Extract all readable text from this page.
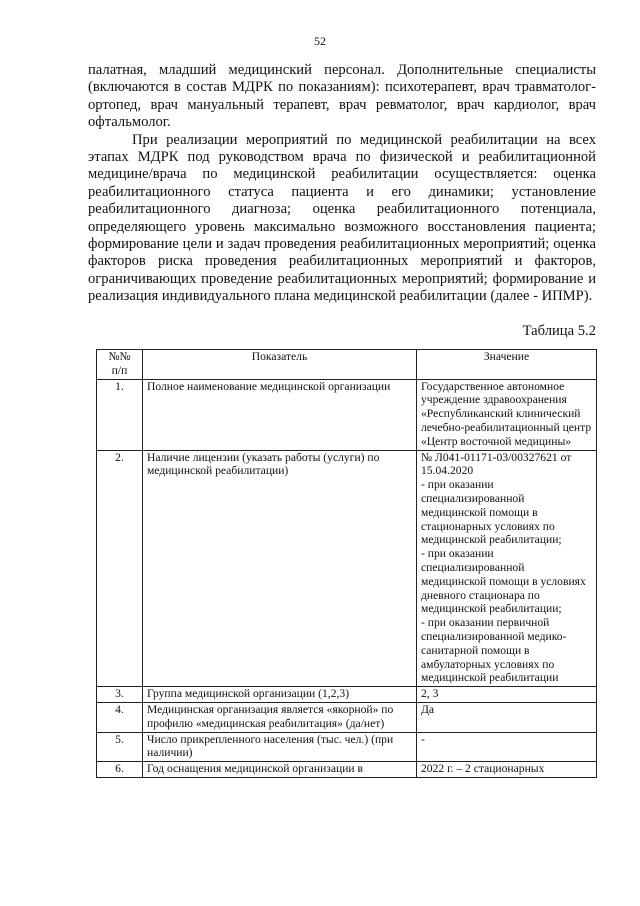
52

палатная, младший медицинский персонал. Дополнительные специалисты (включаются в состав МДРК по показаниям): психотерапевт, врач травматолог-ортопед, врач мануальный терапевт, врач ревматолог, врач кардиолог, врач офтальмолог.

При реализации мероприятий по медицинской реабилитации на всех этапах МДРК под руководством врача по физической и реабилитационной медицине/врача по медицинской реабилитации осуществляется: оценка реабилитационного статуса пациента и его динамики; установление реабилитационного диагноза; оценка реабилитационного потенциала, определяющего уровень максимально возможного восстановления пациента; формирование цели и задач проведения реабилитационных мероприятий; оценка факторов риска проведения реабилитационных мероприятий и факторов, ограничивающих проведение реабилитационных мероприятий; формирование и реализация индивидуального плана медицинской реабилитации (далее - ИПМР).

Таблица 5.2
№№
п/п	Показатель	Значение
1.	Полное наименование медицинской организации	Государственное автономное учреждение здравоохранения «Республиканский клинический лечебно-реабилитационный центр «Центр восточной медицины»
2.	Наличие лицензии (указать работы (услуги) по медицинской реабилитации)	№ Л041-01171-03/00327621 от 15.04.2020
- при оказании специализированной медицинской помощи в стационарных условиях по медицинской реабилитации;
- при оказании специализированной медицинской помощи в условиях дневного стационара по медицинской реабилитации;
- при оказании первичной специализированной медико-санитарной помощи в амбулаторных условиях по медицинской реабилитации
3.	Группа медицинской организации (1,2,3)	2, 3
4.	Медицинская организация является «якорной» по профилю «медицинская реабилитация» (да/нет)	Да
5.	Число прикрепленного населения (тыс. чел.) (при наличии)	-
6.	Год оснащения медицинской организации в	2022 г. – 2 стационарных
